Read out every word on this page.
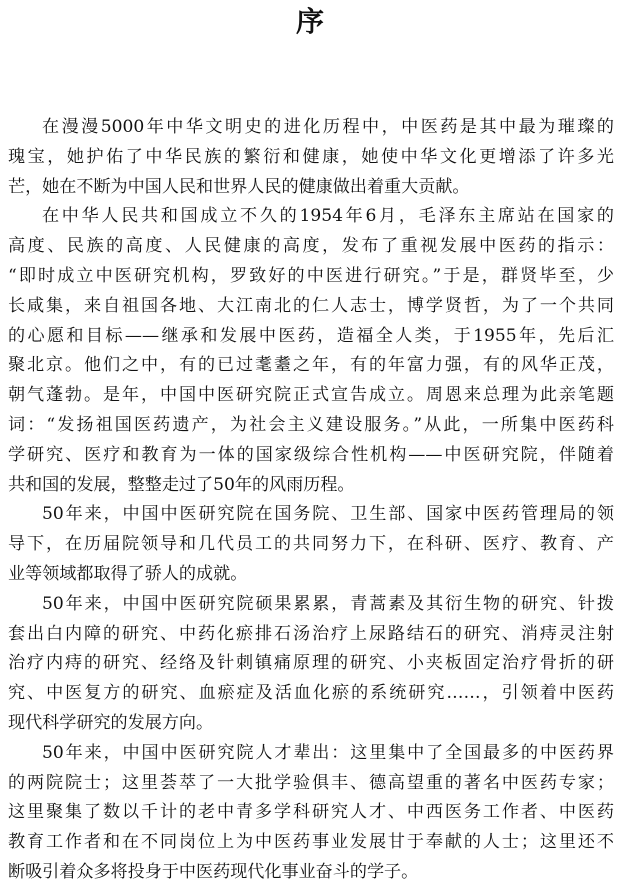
序
在漫漫5000年中华文明史的进化历程中，中医药是其中最为璀璨的
瑰宝，她护佑了中华民族的繁衍和健康，她使中华文化更增添了许多光
芒，她在不断为中国人民和世界人民的健康做出着重大贡献。
在中华人民共和国成立不久的1954年6月，毛泽东主席站在国家的
高度、民族的高度、人民健康的高度，发布了重视发展中医药的指示：
“即时成立中医研究机构，罗致好的中医进行研究。”于是，群贤毕至，少
长咸集，来自祖国各地、大江南北的仁人志士，博学贤哲，为了一个共同
的心愿和目标——继承和发展中医药，造福全人类，于1955年，先后汇
聚北京。他们之中，有的已过耄耋之年，有的年富力强，有的风华正茂，
朝气蓬勃。是年，中国中医研究院正式宣告成立。周恩来总理为此亲笔题
词：“发扬祖国医药遗产，为社会主义建设服务。”从此，一所集中医药科
学研究、医疗和教育为一体的国家级综合性机构——中医研究院，伴随着
共和国的发展，整整走过了50年的风雨历程。
50年来，中国中医研究院在国务院、卫生部、国家中医药管理局的领
导下，在历届院领导和几代员工的共同努力下，在科研、医疗、教育、产
业等领域都取得了骄人的成就。
50年来，中国中医研究院硕果累累，青蒿素及其衍生物的研究、针拨
套出白内障的研究、中药化瘀排石汤治疗上尿路结石的研究、消痔灵注射
治疗内痔的研究、经络及针刺镇痛原理的研究、小夹板固定治疗骨折的研
究、中医复方的研究、血瘀症及活血化瘀的系统研究……，引领着中医药
现代科学研究的发展方向。
50年来，中国中医研究院人才辈出：这里集中了全国最多的中医药界
的两院院士；这里荟萃了一大批学验俱丰、德高望重的著名中医药专家；
这里聚集了数以千计的老中青多学科研究人才、中西医务工作者、中医药
教育工作者和在不同岗位上为中医药事业发展甘于奉献的人士；这里还不
断吸引着众多将投身于中医药现代化事业奋斗的学子。
